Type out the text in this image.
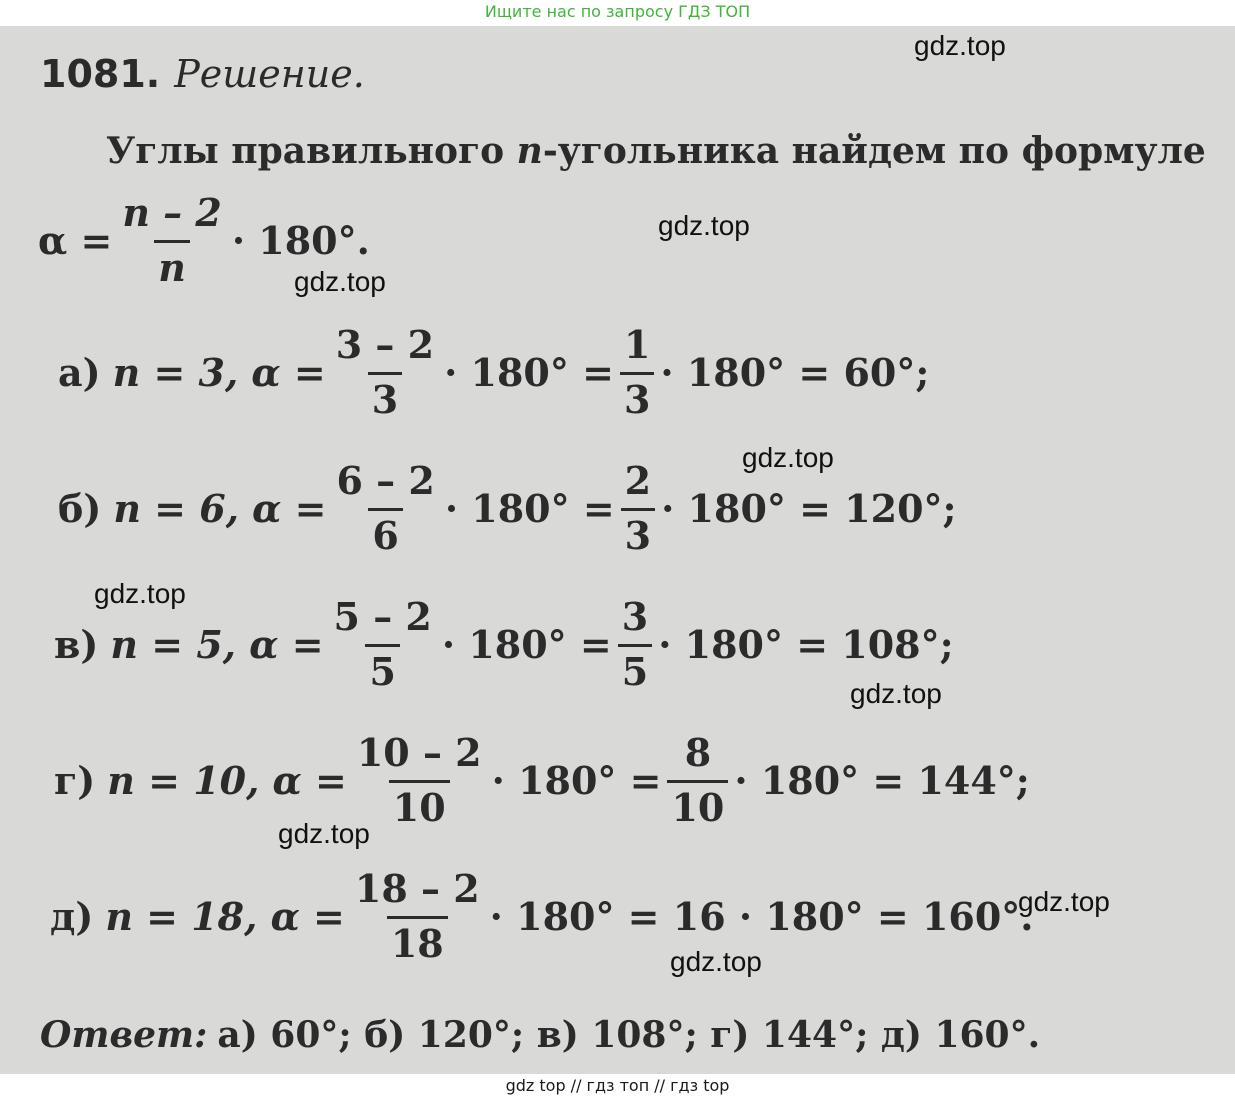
Ищите нас по запросу ГДЗ ТОП
1081. Решение.
Углы правильного n-угольника найдем по формуле
$\alpha = \frac{n - 2}{n} \cdot 180^\circ$.
а) n = 3, $\alpha = \frac{3 - 2}{3} \cdot 180^\circ = \frac{1}{3} \cdot 180^\circ = 60^\circ$;
б) n = 6, $\alpha = \frac{6 - 2}{6} \cdot 180^\circ = \frac{2}{3} \cdot 180^\circ = 120^\circ$;
в) n = 5, $\alpha = \frac{5 - 2}{5} \cdot 180^\circ = \frac{3}{5} \cdot 180^\circ = 108^\circ$;
г) n = 10, $\alpha = \frac{10 - 2}{10} \cdot 180^\circ = \frac{8}{10} \cdot 180^\circ = 144^\circ$;
д) n = 18, $\alpha = \frac{18 - 2}{18} \cdot 180^\circ = 16 \cdot 180^\circ = 160^\circ$.
Ответ: а) 60°; б) 120°; в) 108°; г) 144°; д) 160°.
gdz.top
gdz.top
gdz.top
gdz.top
gdz.top
gdz.top
gdz.top
gdz.top
gdz.top
gdz top // гдз топ // гдз top
